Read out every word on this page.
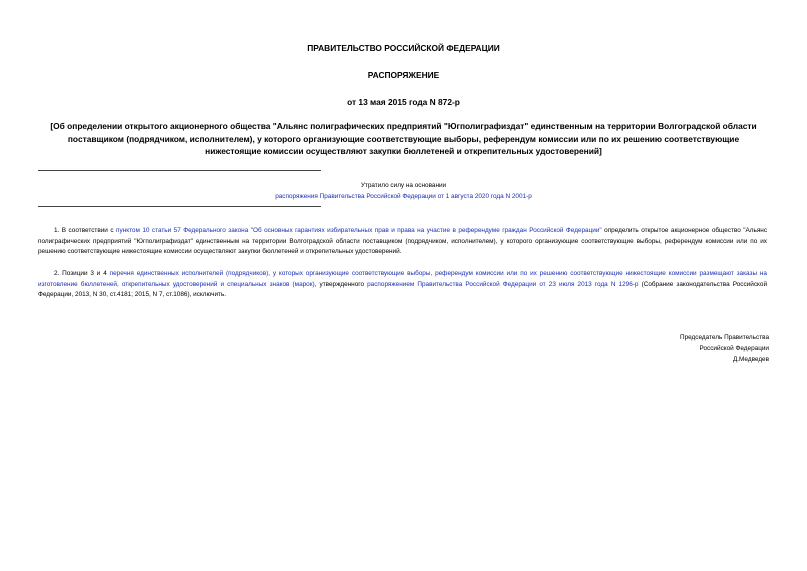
ПРАВИТЕЛЬСТВО РОССИЙСКОЙ ФЕДЕРАЦИИ
РАСПОРЯЖЕНИЕ
от 13 мая 2015 года N 872-р
[Об определении открытого акционерного общества "Альянс полиграфических предприятий "Югполиграфиздат" единственным на территории Волгоградской области поставщиком (подрядчиком, исполнителем), у которого организующие соответствующие выборы, референдум комиссии или по их решению соответствующие нижестоящие комиссии осуществляют закупки бюллетеней и открепительных удостоверений]
Утратило силу на основании
распоряжения Правительства Российской Федерации от 1 августа 2020 года N 2001-р
1. В соответствии с пунктом 10 статьи 57 Федерального закона "Об основных гарантиях избирательных прав и права на участие в референдуме граждан Российской Федерации" определить открытое акционерное общество "Альянс полиграфических предприятий "Югполиграфиздат" единственным на территории Волгоградской области поставщиком (подрядчиком, исполнителем), у которого организующие соответствующие выборы, референдум комиссии или по их решению соответствующие нижестоящие комиссии осуществляют закупки бюллетеней и открепительных удостоверений.
2. Позиции 3 и 4 перечня единственных исполнителей (подрядчиков), у которых организующие соответствующие выборы, референдум комиссии или по их решению соответствующие нижестоящие комиссии размещают заказы на изготовление бюллетеней, открепительных удостоверений и специальных знаков (марок), утвержденного распоряжением Правительства Российской Федерации от 23 июля 2013 года N 1296-р (Собрание законодательства Российской Федерации, 2013, N 30, ст.4181; 2015, N 7, ст.1086), исключить.
Председатель Правительства
Российской Федерации
Д.Медведев
